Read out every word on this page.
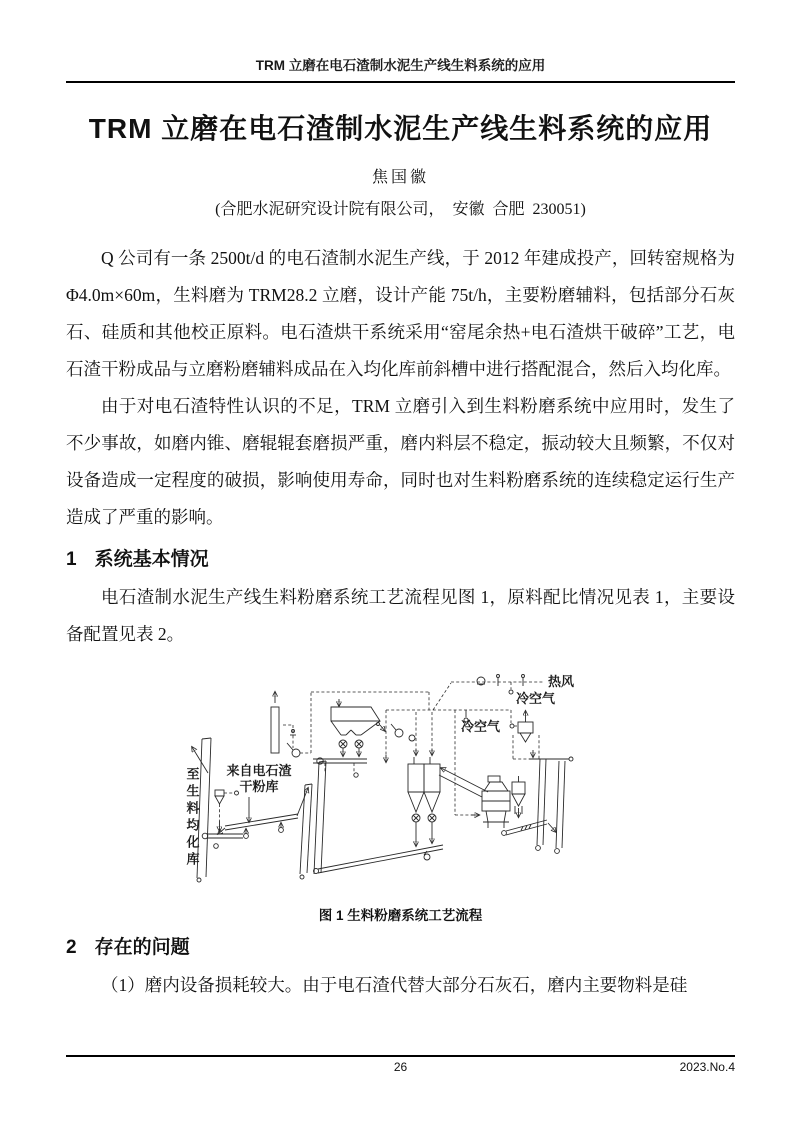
TRM 立磨在电石渣制水泥生产线生料系统的应用
TRM 立磨在电石渣制水泥生产线生料系统的应用
焦国徽
(合肥水泥研究设计院有限公司，  安徽  合肥  230051)

Q 公司有一条 2500t/d 的电石渣制水泥生产线，于 2012 年建成投产，回转窑规格为Φ4.0m×60m，生料磨为 TRM28.2 立磨，设计产能 75t/h，主要粉磨辅料，包括部分石灰石、硅质和其他校正原料。电石渣烘干系统采用“窑尾余热+电石渣烘干破碎”工艺，电石渣干粉成品与立磨粉磨辅料成品在入均化库前斜槽中进行搭配混合，然后入均化库。

由于对电石渣特性认识的不足，TRM 立磨引入到生料粉磨系统中应用时，发生了不少事故，如磨内锥、磨辊辊套磨损严重，磨内料层不稳定，振动较大且频繁，不仅对设备造成一定程度的破损，影响使用寿命，同时也对生料粉磨系统的连续稳定运行生产造成了严重的影响。

1 系统基本情况

电石渣制水泥生产线生料粉磨系统工艺流程见图 1，原料配比情况见表 1，主要设备配置见表 2。

热风
冷空气
冷空气
来自电石渣
干粉库
至生料均化库
图 1 生料粉磨系统工艺流程
2 存在的问题

（1）磨内设备损耗较大。由于电石渣代替大部分石灰石，磨内主要物料是硅

26	2023.No.4
